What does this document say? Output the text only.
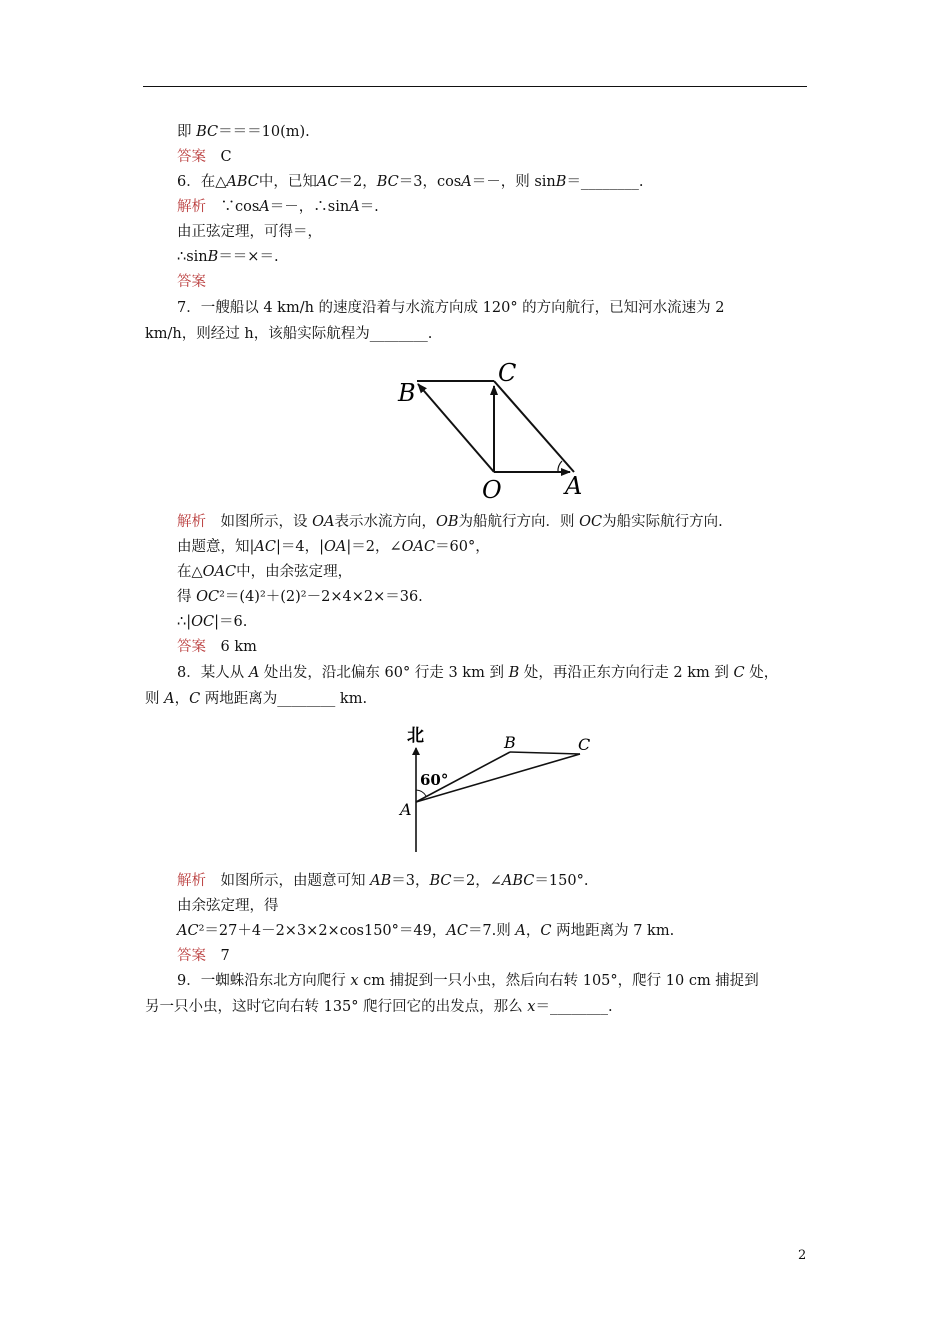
即 BC＝＝＝10(m).
答案　C
6．在△ABC中，已知AC＝2，BC＝3，cosA＝－，则 sinB＝________.
解析　∵cosA＝－，∴sinA＝.
由正弦定理，可得＝，
∴sinB＝＝×＝.
答案
7．一艘船以 4 km/h 的速度沿着与水流方向成 120° 的方向航行，已知河水流速为 2
km/h，则经过 h，该船实际航程为________.
B
C
O	A
解析　如图所示，设 OA表示水流方向，OB为船航行方向．则 OC为船实际航行方向.
由题意，知|AC|＝4，|OA|＝2，∠OAC＝60°，
在△OAC中，由余弦定理，
得 OC²＝(4)²＋(2)²－2×4×2×＝36.
∴|OC|＝6.
答案　6 km
8．某人从 A 处出发，沿北偏东 60° 行走 3 km 到 B 处，再沿正东方向行走 2 km 到 C 处，
则 A，C 两地距离为________ km.
北
60°
A
B	C
解析　如图所示，由题意可知 AB＝3，BC＝2，∠ABC＝150°.
由余弦定理，得
AC²＝27＋4－2×3×2×cos150°＝49，AC＝7.则 A，C 两地距离为 7 km.
答案　7
9．一蜘蛛沿东北方向爬行 x cm 捕捉到一只小虫，然后向右转 105°，爬行 10 cm 捕捉到
另一只小虫，这时它向右转 135° 爬行回它的出发点，那么 x＝________.
2
